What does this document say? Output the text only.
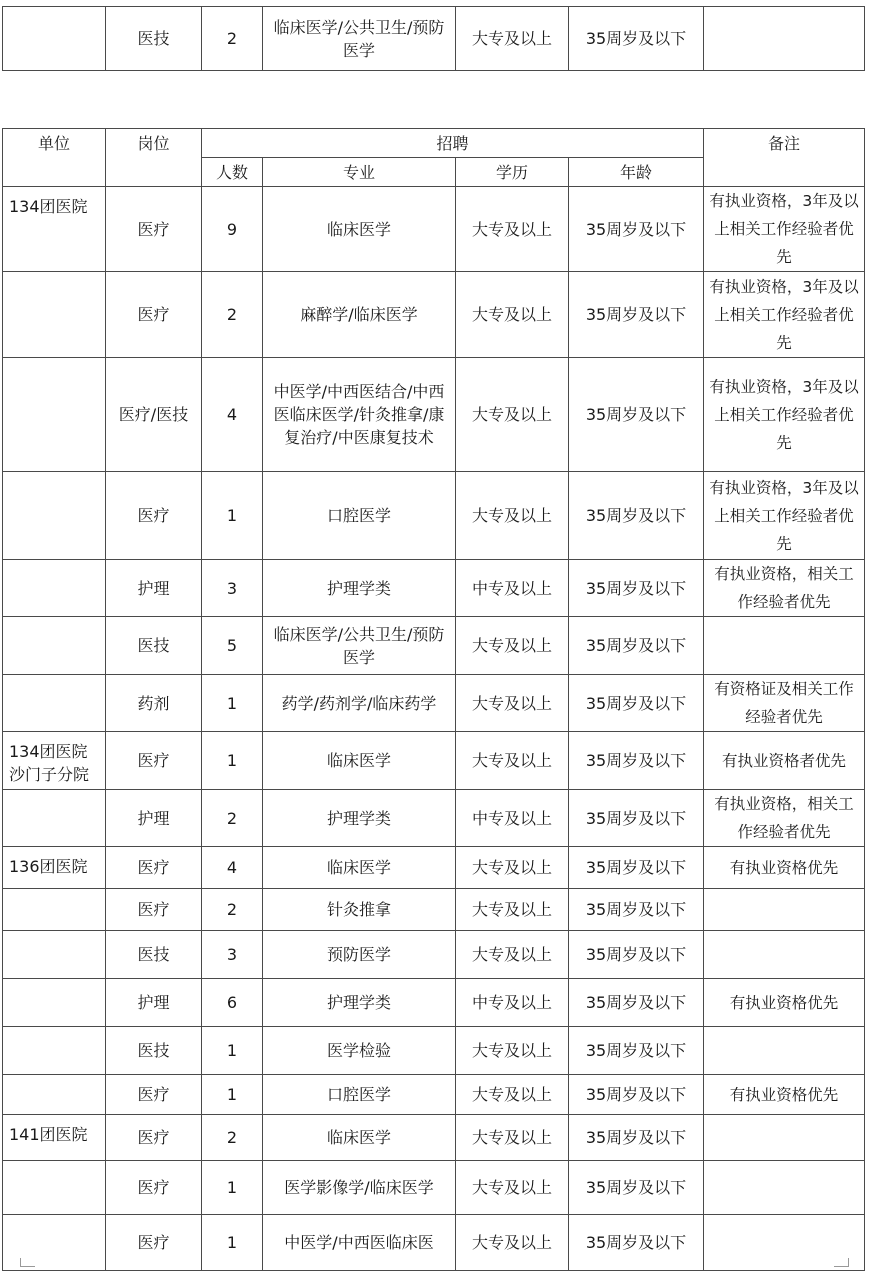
	医技	2	临床医学/公共卫生/预防医学	大专及以上	35周岁及以下	
单位	岗位	招聘				备注
		人数	专业	学历	年龄	
134团医院	医疗	9	临床医学	大专及以上	35周岁及以下	有执业资格，3年及以上相关工作经验者优先
	医疗	2	麻醉学/临床医学	大专及以上	35周岁及以下	有执业资格，3年及以上相关工作经验者优先
	医疗/医技	4	中医学/中西医结合/中西医临床医学/针灸推拿/康复治疗/中医康复技术	大专及以上	35周岁及以下	有执业资格，3年及以上相关工作经验者优先
	医疗	1	口腔医学	大专及以上	35周岁及以下	有执业资格，3年及以上相关工作经验者优先
	护理	3	护理学类	中专及以上	35周岁及以下	有执业资格，相关工作经验者优先
	医技	5	临床医学/公共卫生/预防医学	大专及以上	35周岁及以下	
	药剂	1	药学/药剂学/临床药学	大专及以上	35周岁及以下	有资格证及相关工作经验者优先
134团医院沙门子分院	医疗	1	临床医学	大专及以上	35周岁及以下	有执业资格者优先
	护理	2	护理学类	中专及以上	35周岁及以下	有执业资格，相关工作经验者优先
136团医院	医疗	4	临床医学	大专及以上	35周岁及以下	有执业资格优先
	医疗	2	针灸推拿	大专及以上	35周岁及以下	
	医技	3	预防医学	大专及以上	35周岁及以下	
	护理	6	护理学类	中专及以上	35周岁及以下	有执业资格优先
	医技	1	医学检验	大专及以上	35周岁及以下	
	医疗	1	口腔医学	大专及以上	35周岁及以下	有执业资格优先
141团医院	医疗	2	临床医学	大专及以上	35周岁及以下	
	医疗	1	医学影像学/临床医学	大专及以上	35周岁及以下	
	医疗	1	中医学/中西医临床医	大专及以上	35周岁及以下	
